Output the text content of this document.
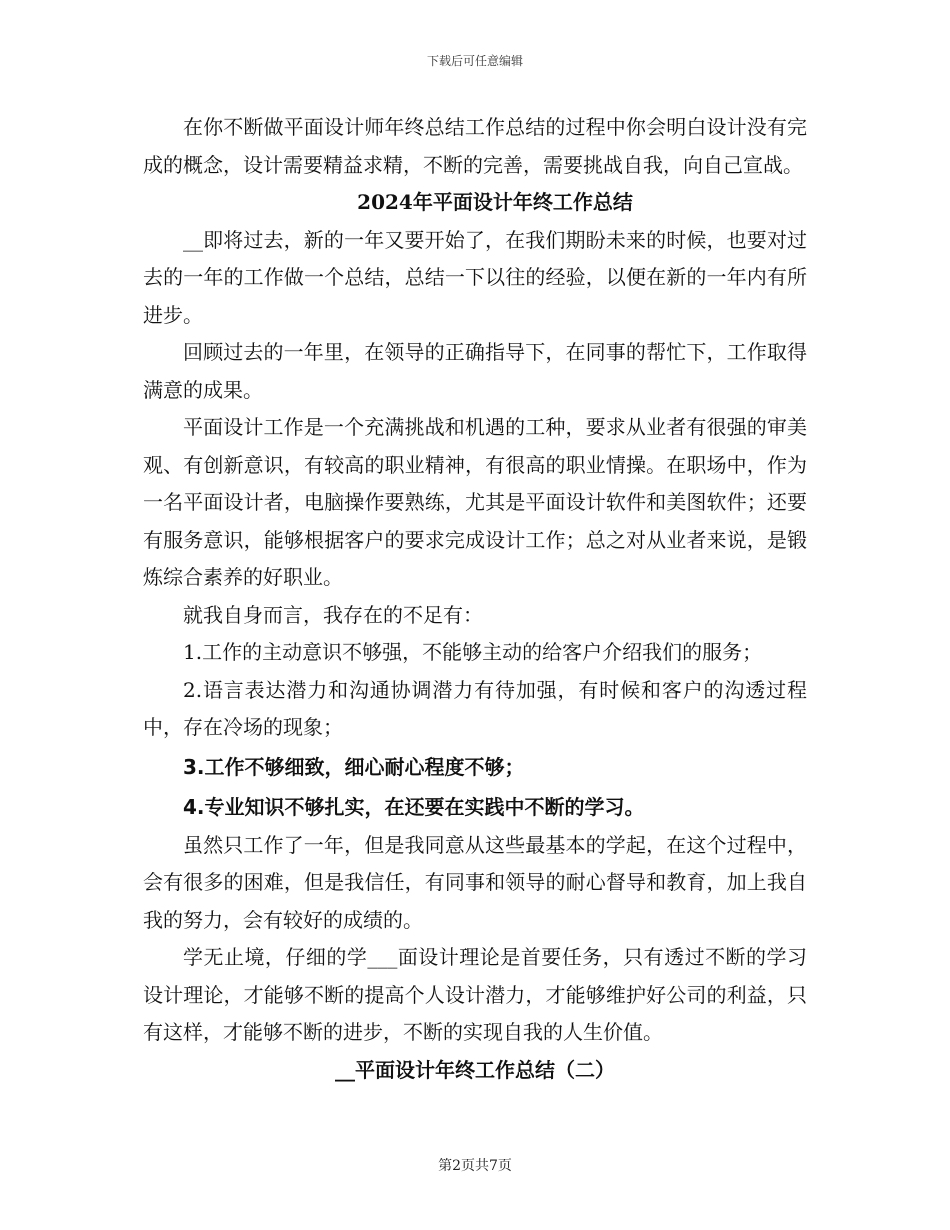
下载后可任意编辑

在你不断做平面设计师年终总结工作总结的过程中你会明白设计没有完成的概念，设计需要精益求精，不断的完善，需要挑战自我，向自己宣战。

2024年平面设计年终工作总结

__即将过去，新的一年又要开始了，在我们期盼未来的时候，也要对过去的一年的工作做一个总结，总结一下以往的经验，以便在新的一年内有所进步。

回顾过去的一年里，在领导的正确指导下，在同事的帮忙下，工作取得满意的成果。

平面设计工作是一个充满挑战和机遇的工种，要求从业者有很强的审美观、有创新意识，有较高的职业精神，有很高的职业情操。在职场中，作为一名平面设计者，电脑操作要熟练，尤其是平面设计软件和美图软件；还要有服务意识，能够根据客户的要求完成设计工作；总之对从业者来说，是锻炼综合素养的好职业。

就我自身而言，我存在的不足有：

1.工作的主动意识不够强，不能够主动的给客户介绍我们的服务；

2.语言表达潜力和沟通协调潜力有待加强，有时候和客户的沟透过程中，存在冷场的现象；

3.工作不够细致，细心耐心程度不够；

4.专业知识不够扎实，在还要在实践中不断的学习。

虽然只工作了一年，但是我同意从这些最基本的学起，在这个过程中，会有很多的困难，但是我信任，有同事和领导的耐心督导和教育，加上我自我的努力，会有较好的成绩的。

学无止境，仔细的学___面设计理论是首要任务，只有透过不断的学习设计理论，才能够不断的提高个人设计潜力，才能够维护好公司的利益，只有这样，才能够不断的进步，不断的实现自我的人生价值。

__平面设计年终工作总结（二）
第2页共7页
